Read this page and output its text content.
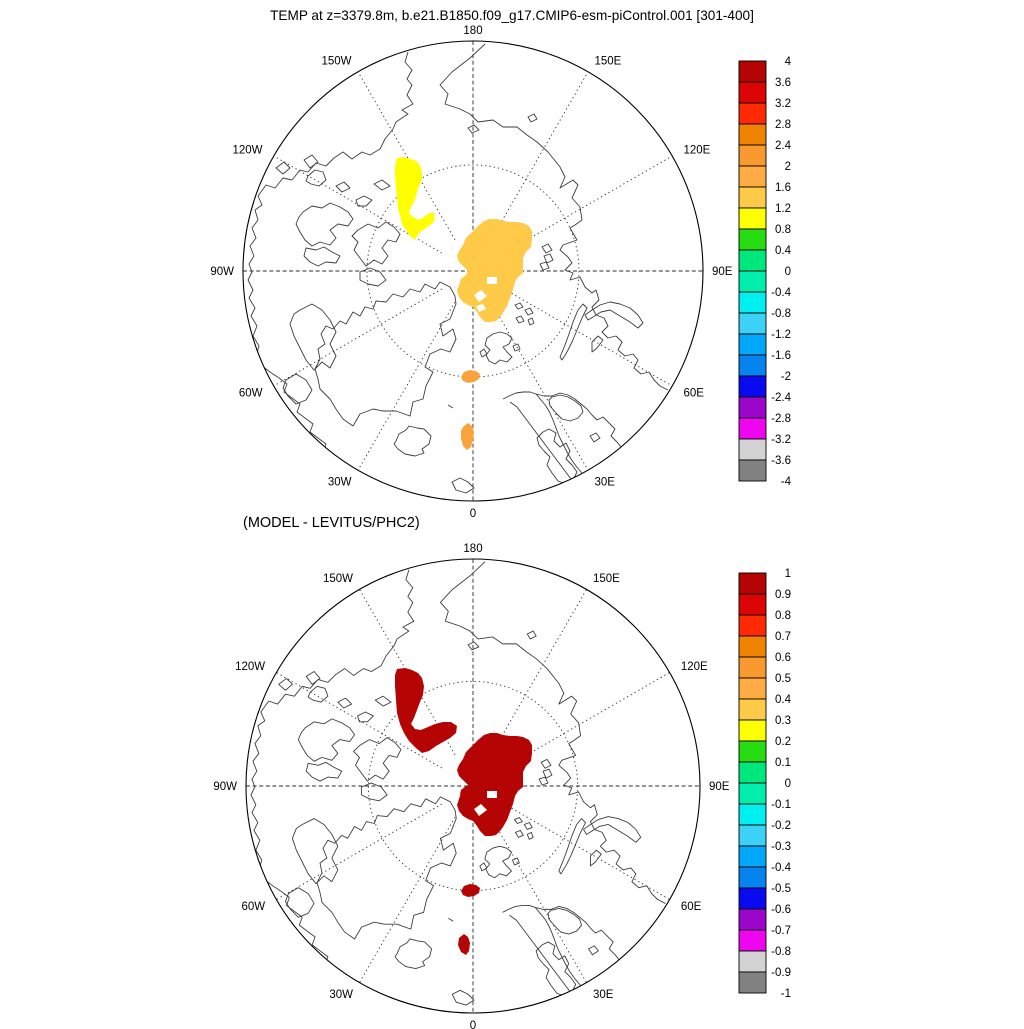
TEMP at z=3379.8m, b.e21.B1850.f09_g17.CMIP6-esm-piControl.001 [301-400]
(MODEL - LEVITUS/PHC2)
180
150E
120E
90E
60E
30E
0
30W
60W
90W
120W
150W
180
150E
120E
90E
60E
30E
0
30W
60W
90W
120W
150W
4
3.6
3.2
2.8
2.4
2
1.6
1.2
0.8
0.4
0
-0.4
-0.8
-1.2
-1.6
-2
-2.4
-2.8
-3.2
-3.6
-4
1
0.9
0.8
0.7
0.6
0.5
0.4
0.3
0.2
0.1
0
-0.1
-0.2
-0.3
-0.4
-0.5
-0.6
-0.7
-0.8
-0.9
-1
